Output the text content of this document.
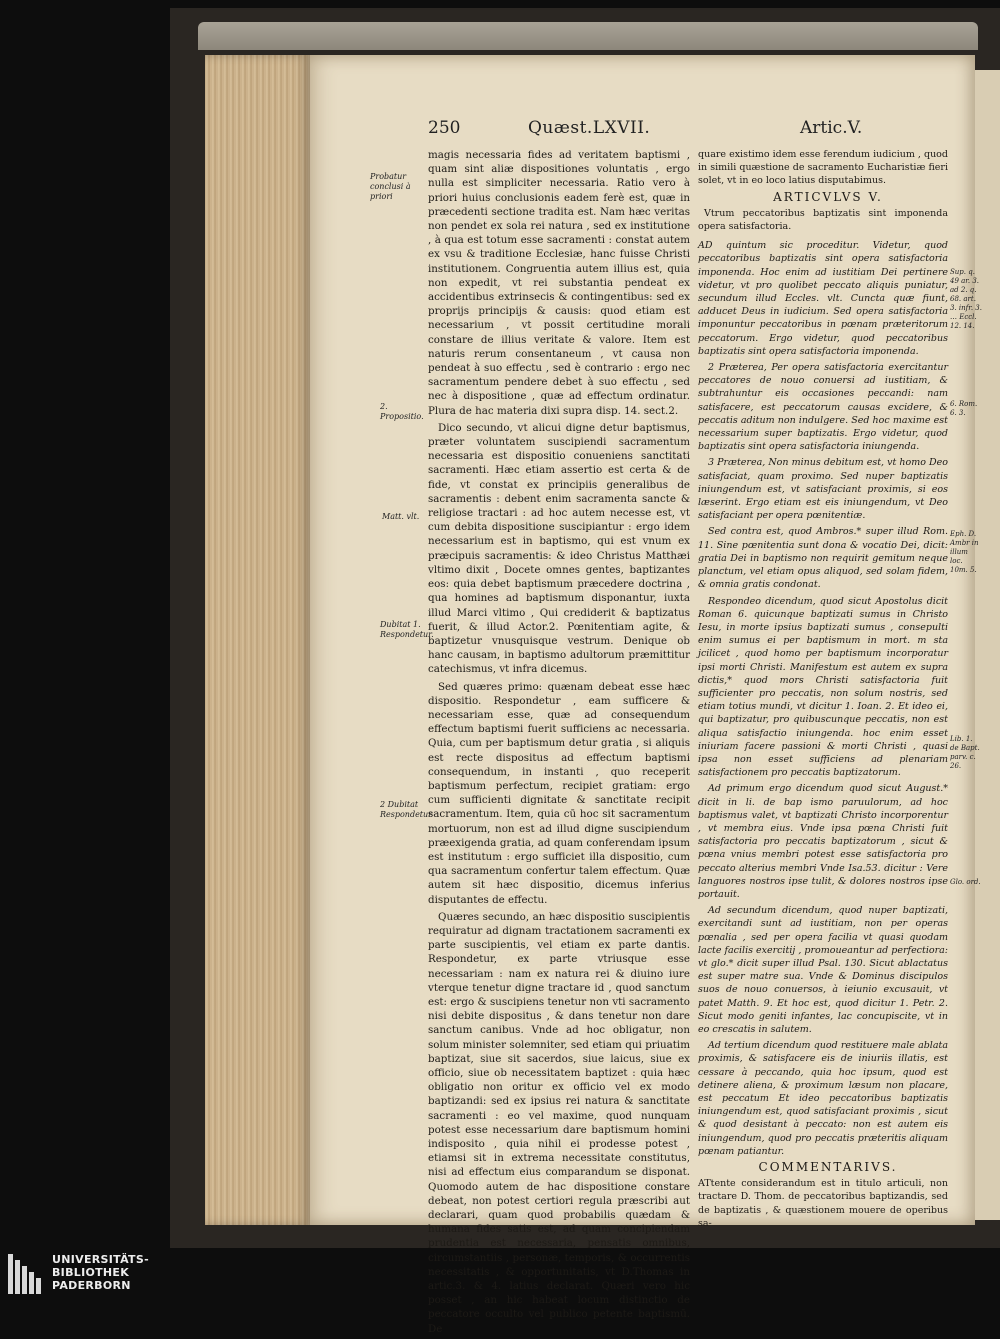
250	Quæst.LXVII.	Artic.V.
Probatur conclusi à priori
2. Propositio.
Matt. vlt.
Dubitat 1. Respondetur.
2 Dubitat Respondetur

magis necessaria fides ad veritatem baptismi , quam sint aliæ dispositiones voluntatis , ergo nulla est simpliciter necessaria. Ratio vero à priori huius conclusionis eadem ferè est, quæ in præcedenti sectione tradita est. Nam hæc veritas non pendet ex sola rei natura , sed ex institutione , à qua est totum esse sacramenti : constat autem ex vsu & traditione Ecclesiæ, hanc fuisse Christi institutionem. Congruentia autem illius est, quia non expedit, vt rei substantia pendeat ex accidentibus extrinsecis & contingentibus: sed ex proprijs principijs & causis: quod etiam est necessarium , vt possit certitudine morali constare de illius veritate & valore. Item est naturis rerum consentaneum , vt causa non pendeat à suo effectu , sed è contrario : ergo nec sacramentum pendere debet à suo effectu , sed nec à dispositione , quæ ad effectum ordinatur. Plura de hac materia dixi supra disp. 14. sect.2.

Dico secundo, vt alicui digne detur baptismus, præter voluntatem suscipiendi sacramentum necessaria est dispositio conueniens sanctitati sacramenti. Hæc etiam assertio est certa & de fide, vt constat ex principiis generalibus de sacramentis : debent enim sacramenta sancte & religiose tractari : ad hoc autem necesse est, vt cum debita dispositione suscipiantur : ergo idem necessarium est in baptismo, qui est vnum ex præcipuis sacramentis: & ideo Christus Matthæi vltimo dixit , Docete omnes gentes, baptizantes eos: quia debet baptismum præcedere doctrina , qua homines ad baptismum disponantur, iuxta illud Marci vltimo , Qui crediderit & baptizatus fuerit, & illud Actor.2. Pœnitentiam agite, & baptizetur vnusquisque vestrum. Denique ob hanc causam, in baptismo adultorum præmittitur catechismus, vt infra dicemus.

Sed quæres primo: quænam debeat esse hæc dispositio. Respondetur , eam sufficere & necessariam esse, quæ ad consequendum effectum baptismi fuerit sufficiens ac necessaria. Quia, cum per baptismum detur gratia , si aliquis est recte dispositus ad effectum baptismi consequendum, in instanti , quo receperit baptismum perfectum, recipiet gratiam: ergo cum sufficienti dignitate & sanctitate recipit sacramentum. Item, quia cū hoc sit sacramentum mortuorum, non est ad illud digne suscipiendum præexigenda gratia, ad quam conferendam ipsum est institutum : ergo sufficiet illa dispositio, cum qua sacramentum confertur talem effectum. Quæ autem sit hæc dispositio, dicemus inferius disputantes de effectu.

Quæres secundo, an hæc dispositio suscipientis requiratur ad dignam tractationem sacramenti ex parte suscipientis, vel etiam ex parte dantis. Respondetur, ex parte vtriusque esse necessariam : nam ex natura rei & diuino iure vterque tenetur digne tractare id , quod sanctum est: ergo & suscipiens tenetur non vti sacramento nisi debite dispositus , & dans tenetur non dare sanctum canibus. Vnde ad hoc obligatur, non solum minister solemniter, sed etiam qui priuatim baptizat, siue sit sacerdos, siue laicus, siue ex officio, siue ob necessitatem baptizet : quia hæc obligatio non oritur ex officio vel ex modo baptizandi: sed ex ipsius rei natura & sanctitate sacramenti : eo vel maxime, quod nunquam potest esse necessarium dare baptismum homini indisposito , quia nihil ei prodesse potest , etiamsi sit in extrema necessitate constitutus, nisi ad effectum eius comparandum se disponat. Quomodo autem de hac dispositione constare debeat, non potest certiori regula præscribi aut declarari, quam quod probabilis quædam & humana fides satis est, ad quam concipiendam prudentia est necessaria, pensatis omnibus, circumstantiis , personæ, temporis, & occurrentis necessitatis , & opportunitatis, vt D.Thomas in artic.3. & 4. latius declarat. Quæri vero hic posset , an hic habeat locum distinctio de peccatore occulto vel publico petente baptismū. De

quare existimo idem esse ferendum iudicium , quod in simili quæstione de sacramento Eucharistiæ fieri solet, vt in eo loco latius disputabimus.

ARTICVLVS V.

Vtrum peccatoribus baptizatis sint imponenda opera satisfactoria.

AD quintum sic proceditur. Videtur, quod peccatoribus baptizatis sint opera satisfactoria imponenda. Hoc enim ad iustitiam Dei pertinere videtur, vt pro quolibet peccato aliquis puniatur, secundum illud Eccles. vlt. Cuncta quæ fiunt, adducet Deus in iudicium. Sed opera satisfactoria imponuntur peccatoribus in pœnam præteritorum peccatorum. Ergo videtur, quod peccatoribus baptizatis sint opera satisfactoria imponenda.

2 Præterea, Per opera satisfactoria exercitantur peccatores de nouo conuersi ad iustitiam, & subtrahuntur eis occasiones peccandi: nam satisfacere, est peccatorum causas excidere, & peccatis aditum non indulgere. Sed hoc maxime est necessarium super baptizatis. Ergo videtur, quod baptizatis sint opera satisfactoria iniungenda.

3 Præterea, Non minus debitum est, vt homo Deo satisfaciat, quam proximo. Sed nuper baptizatis iniungendum est, vt satisfaciant proximis, si eos læserint. Ergo etiam est eis iniungendum, vt Deo satisfaciant per opera pœnitentiæ.

Sed contra est, quod Ambros.* super illud Rom. 11. Sine pœnitentia sunt dona & vocatio Dei, dicit: gratia Dei in baptismo non requirit gemitum neque planctum, vel etiam opus aliquod, sed solam fidem, & omnia gratis condonat.

Respondeo dicendum, quod sicut Apostolus dicit Roman 6. quicunque baptizati sumus in Christo Iesu, in morte ipsius baptizati sumus , consepulti enim sumus ei per baptismum in mort. m sta jcilicet , quod homo per baptismum incorporatur ipsi morti Christi. Manifestum est autem ex supra dictis,* quod mors Christi satisfactoria fuit sufficienter pro peccatis, non solum nostris, sed etiam totius mundi, vt dicitur 1. Ioan. 2. Et ideo ei, qui baptizatur, pro quibuscunque peccatis, non est aliqua satisfactio iniungenda. hoc enim esset iniuriam facere passioni & morti Christi , quasi ipsa non esset sufficiens ad plenariam satisfactionem pro peccatis baptizatorum.

Ad primum ergo dicendum quod sicut August.* dicit in li. de bap ismo paruulorum, ad hoc baptismus valet, vt baptizati Christo incorporentur , vt membra eius. Vnde ipsa pœna Christi fuit satisfactoria pro peccatis baptizatorum , sicut & pœna vnius membri potest esse satisfactoria pro peccato alterius membri Vnde Isa.53. dicitur : Vere languores nostros ipse tulit, & dolores nostros ipse portauit.

Ad secundum dicendum, quod nuper baptizati, exercitandi sunt ad iustitiam, non per operas pœnalia , sed per opera facilia vt quasi quodam lacte facilis exercitij , promoueantur ad perfectiora: vt glo.* dicit super illud Psal. 130. Sicut ablactatus est super matre sua. Vnde & Dominus discipulos suos de nouo conuersos, à ieiunio excusauit, vt patet Matth. 9. Et hoc est, quod dicitur 1. Petr. 2. Sicut modo geniti infantes, lac concupiscite, vt in eo crescatis in salutem.

Ad tertium dicendum quod restituere male ablata proximis, & satisfacere eis de iniuriis illatis, est cessare à peccando, quia hoc ipsum, quod est detinere aliena, & proximum læsum non placare, est peccatum Et ideo peccatoribus baptizatis iniungendum est, quod satisfaciant proximis , sicut & quod desistant à peccato: non est autem eis iniungendum, quod pro peccatis præteritis aliquam pœnam patiantur.

COMMENTARIVS.

ATtente considerandum est in titulo articuli, non tractare D. Thom. de peccatoribus baptizandis, sed de baptizatis , & quæstionem mouere de operibus sa-

Sup. q. 49 ar. 3. ad 2. q. 68. art. 3. infr. 3. … Eccl. 12. 14.
6. Rom. 6. 3.
Eph. D. Ambr in illum loc. 10m. 5.
Lib. 1. de Bapt. parv. c. 26.
Glo. ord.
UNIVERSITÄTS-
BIBLIOTHEK
PADERBORN
